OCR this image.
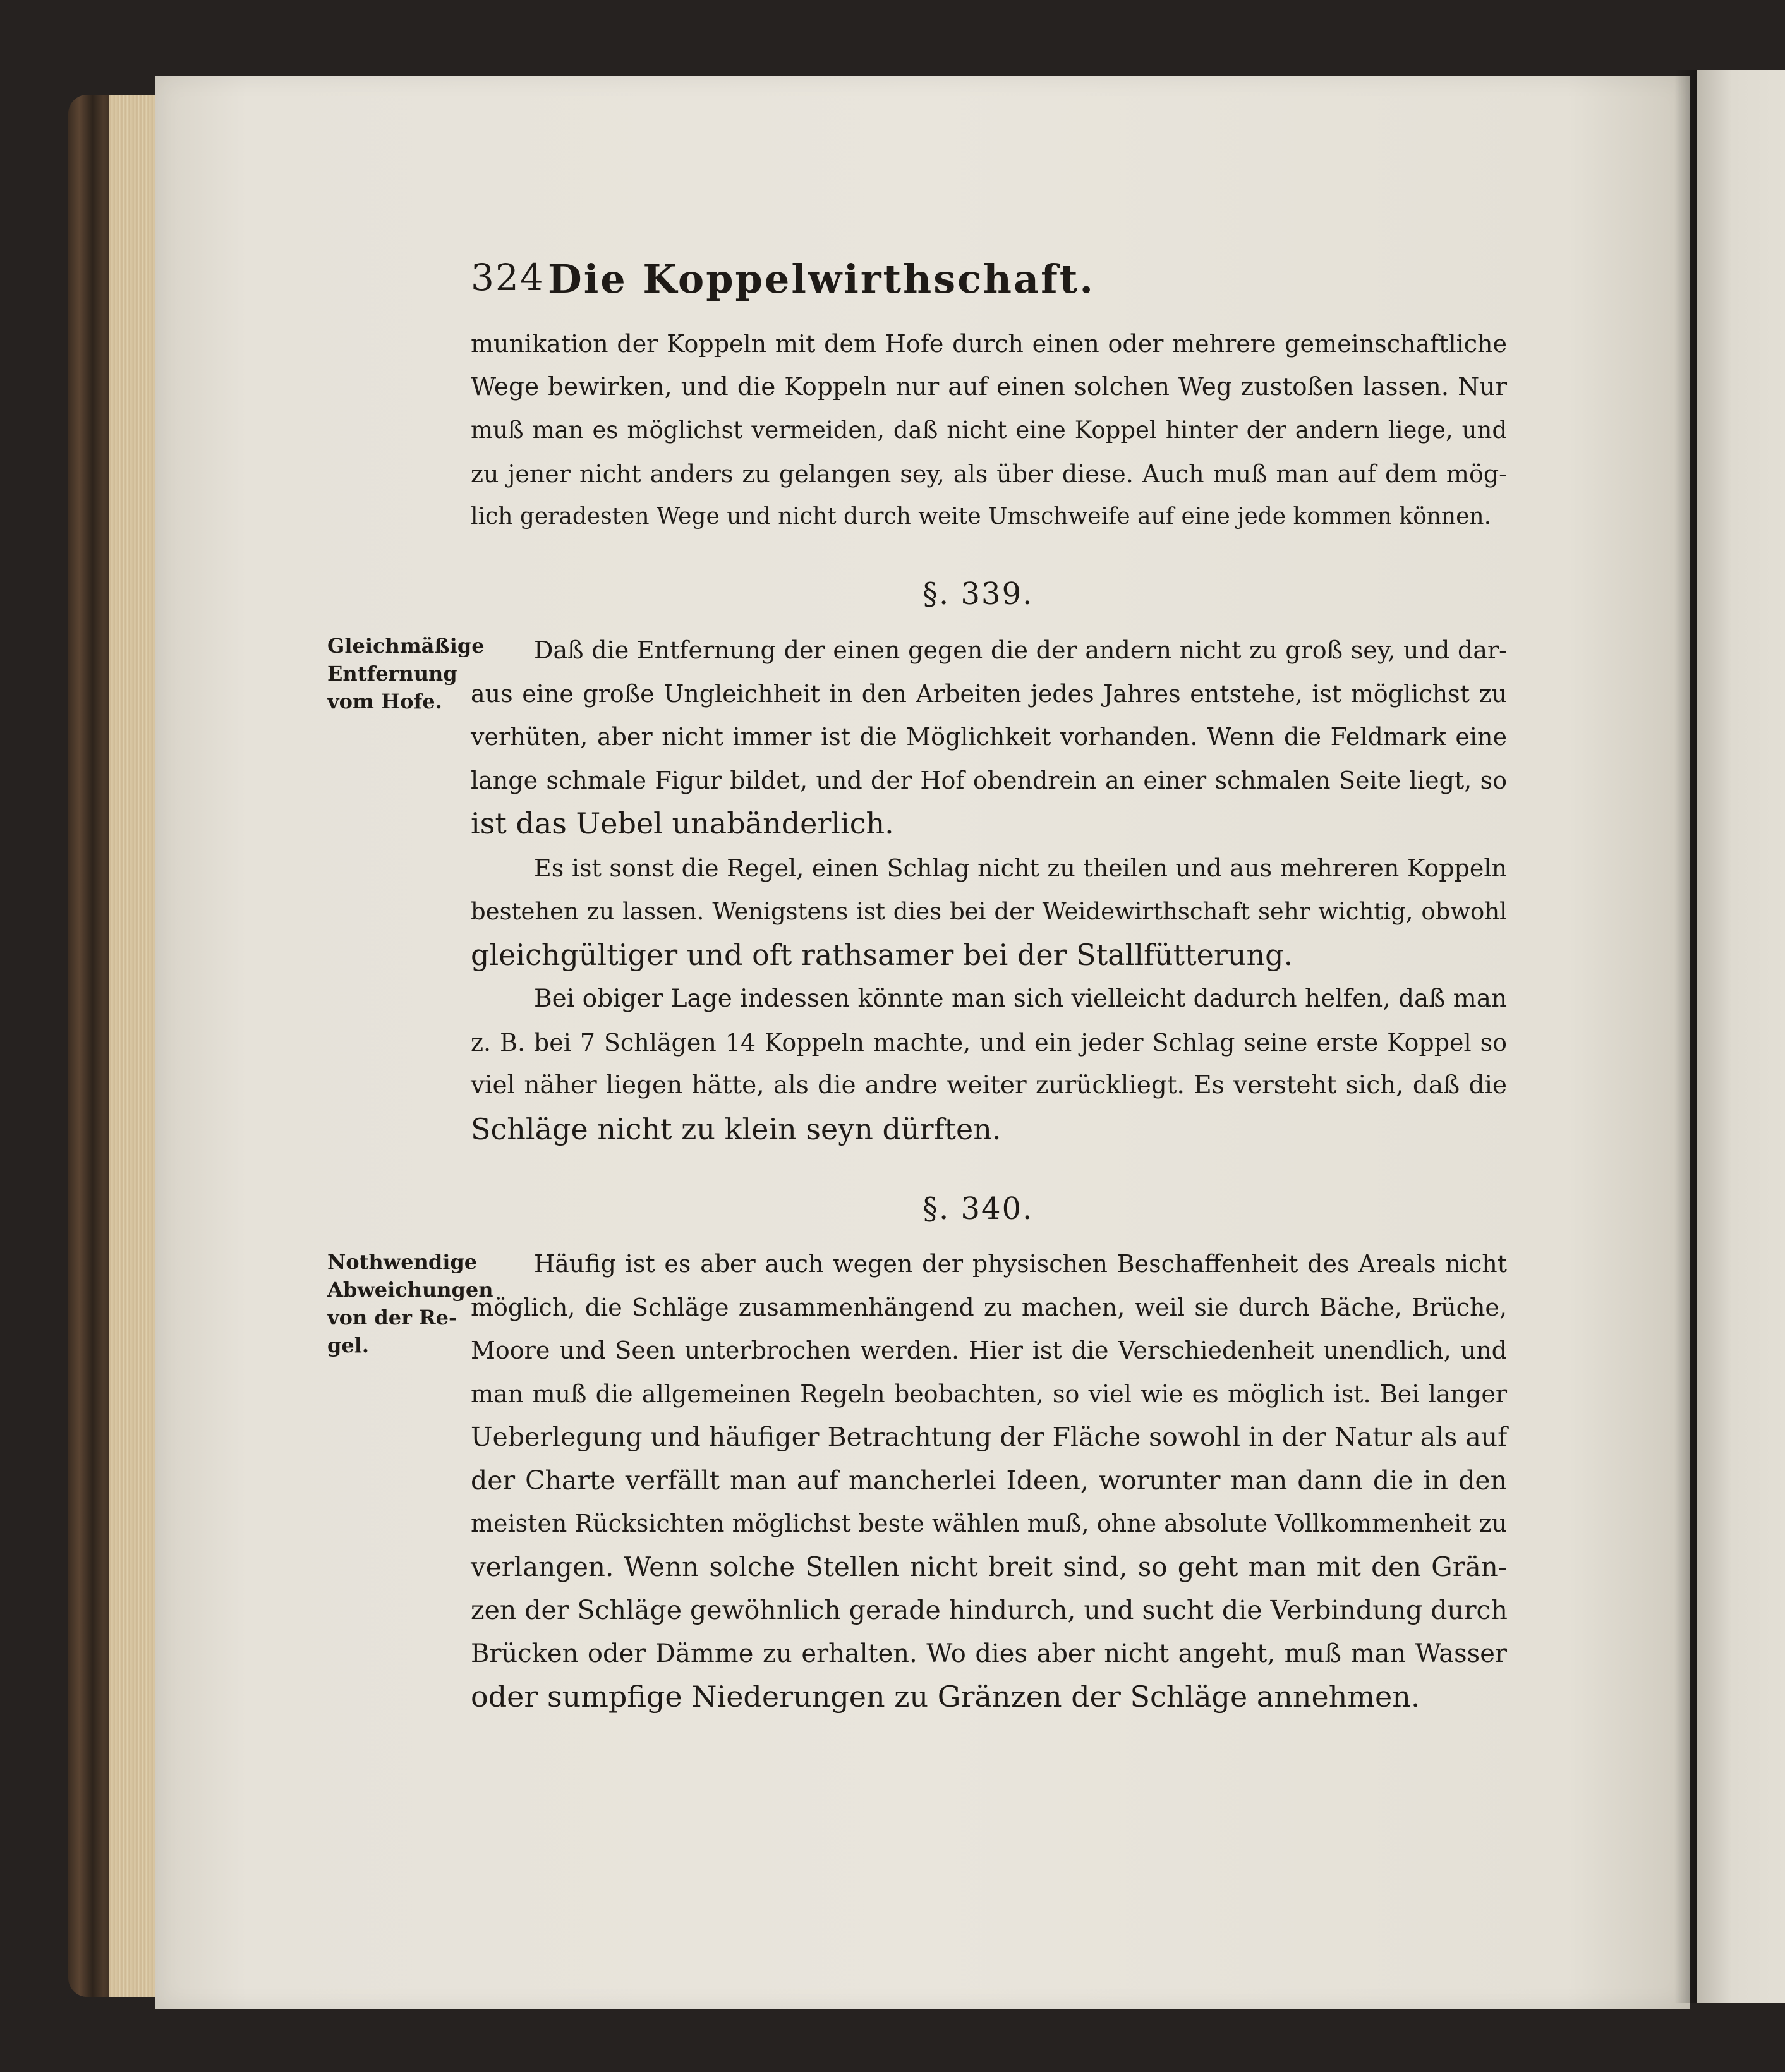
324 Die Koppelwirthschaft.
munikation der Koppeln mit dem Hofe durch einen oder mehrere gemeinschaftliche
Wege bewirken, und die Koppeln nur auf einen solchen Weg zustoßen lassen. Nur
muß man es möglichst vermeiden, daß nicht eine Koppel hinter der andern liege, und
zu jener nicht anders zu gelangen sey, als über diese. Auch muß man auf dem mög-
lich geradesten Wege und nicht durch weite Umschweife auf eine jede kommen können.
§. 339.
Gleichmäßige
Entfernung
vom Hofe.
Daß die Entfernung der einen gegen die der andern nicht zu groß sey, und dar-
aus eine große Ungleichheit in den Arbeiten jedes Jahres entstehe, ist möglichst zu
verhüten, aber nicht immer ist die Möglichkeit vorhanden. Wenn die Feldmark eine
lange schmale Figur bildet, und der Hof obendrein an einer schmalen Seite liegt, so
ist das Uebel unabänderlich.
Es ist sonst die Regel, einen Schlag nicht zu theilen und aus mehreren Koppeln
bestehen zu lassen. Wenigstens ist dies bei der Weidewirthschaft sehr wichtig, obwohl
gleichgültiger und oft rathsamer bei der Stallfütterung.
Bei obiger Lage indessen könnte man sich vielleicht dadurch helfen, daß man
z. B. bei 7 Schlägen 14 Koppeln machte, und ein jeder Schlag seine erste Koppel so
viel näher liegen hätte, als die andre weiter zurückliegt. Es versteht sich, daß die
Schläge nicht zu klein seyn dürften.
§. 340.
Nothwendige
Abweichungen
von der Re-
gel.
Häufig ist es aber auch wegen der physischen Beschaffenheit des Areals nicht
möglich, die Schläge zusammenhängend zu machen, weil sie durch Bäche, Brüche,
Moore und Seen unterbrochen werden. Hier ist die Verschiedenheit unendlich, und
man muß die allgemeinen Regeln beobachten, so viel wie es möglich ist. Bei langer
Ueberlegung und häufiger Betrachtung der Fläche sowohl in der Natur als auf
der Charte verfällt man auf mancherlei Ideen, worunter man dann die in den
meisten Rücksichten möglichst beste wählen muß, ohne absolute Vollkommenheit zu
verlangen. Wenn solche Stellen nicht breit sind, so geht man mit den Grän-
zen der Schläge gewöhnlich gerade hindurch, und sucht die Verbindung durch
Brücken oder Dämme zu erhalten. Wo dies aber nicht angeht, muß man Wasser
oder sumpfige Niederungen zu Gränzen der Schläge annehmen.
